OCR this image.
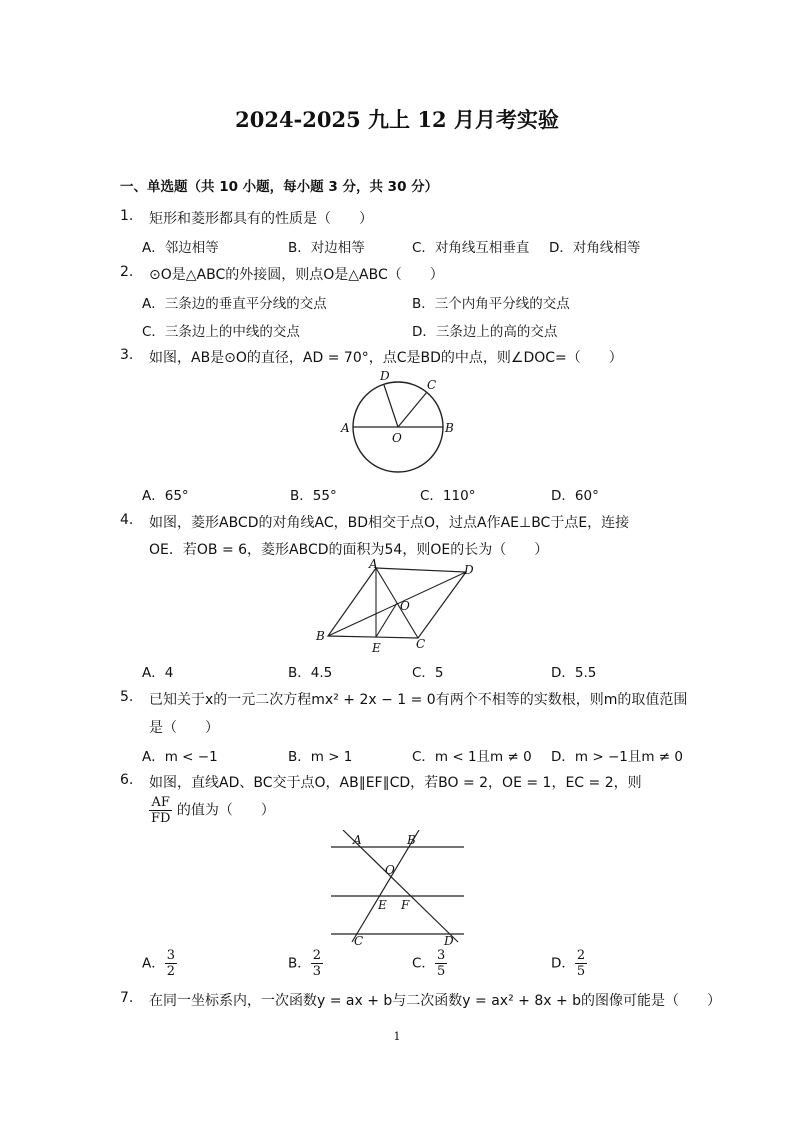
2024-2025 九上 12 月月考实验
一、单选题（共 10 小题，每小题 3 分，共 30 分）
1. 矩形和菱形都具有的性质是（　　）
A．邻边相等	B．对边相等	C．对角线互相垂直 D．对角线相等
2. ⊙O是△ABC的外接圆，则点O是△ABC（　　）
A．三条边的垂直平分线的交点	B．三个内角平分线的交点
C．三条边上的中线的交点	D．三条边上的高的交点
3. 如图，AB是⊙O的直径，AD = 70°，点C是BD的中点，则∠DOC=（　　）
D
C
A
O
B
A．65°	B．55°	C．110°	D．60°
4. 如图，菱形ABCD的对角线AC，BD相交于点O，过点A作AE⊥BC于点E，连接
OE．若OB = 6，菱形ABCD的面积为54，则OE的长为（　　）
A	D
O
B
E	C
A．4	B．4.5	C．5	D．5.5
5. 已知关于x的一元二次方程mx² + 2x − 1 = 0有两个不相等的实数根，则m的取值范围
是（　　）
A．m < −1	B．m > 1	C．m < 1且m ≠ 0 D．m > −1且m ≠ 0
6. 如图，直线AD、BC交于点O，AB∥EF∥CD，若BO = 2，OE = 1，EC = 2，则
$\frac{AF}{FD}$ 的值为（　　）
A	B
O
E F
C	D
A． $\frac{3}{2}$	B． $\frac{2}{3}$	C． $\frac{3}{5}$	D． $\frac{2}{5}$
7. 在同一坐标系内，一次函数y = ax + b与二次函数y = ax² + 8x + b的图像可能是（　　）
1
